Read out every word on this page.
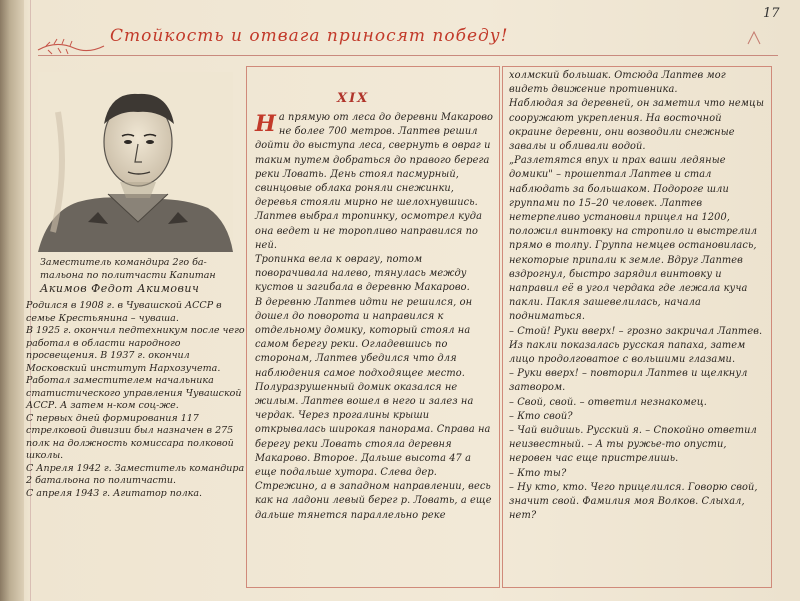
17
Стойкость и отвага приносят победу!
Заместитель командира 2го ба-
тальона по политчасти Капитан
Акимов Федот Акимович

Родился в 1908 г. в Чувашской АССР в семье Крестьянина – чуваша.

В 1925 г. окончил педтехникум после чего работал в области народного просвещения. В 1937 г. окончил Московский институт Нархозучета. Работал заместителем начальника статистического управления Чувашской АССР. А затем н-ком соц-же.

С первых дней формирования 117 стрелковой дивизии был назначен в 275 полк на должность комиссара полковой школы.

С Апреля 1942 г. Заместитель командира 2 батальона по политчасти.

С апреля 1943 г. Агитатор полка.

XIX

На прямую от леса до деревни Макарово не более 700 метров. Лаптев решил дойти до выступа леса, свернуть в овраг и таким путем добраться до правого берега реки Ловать. День стоял пасмурный, свинцовые облака роняли снежинки, деревья стояли мирно не шелохнувшись. Лаптев выбрал тропинку, осмотрел куда она ведет и не торопливо направился по ней.

Тропинка вела к оврагу, потом поворачивала налево, тянулась между кустов и загибала в деревню Макарово.

В деревню Лаптев идти не решился, он дошел до поворота и направился к отдельному домику, который стоял на самом берегу реки. Огладевшись по сторонам, Лаптев убедился что для наблюдения самое подходящее место. Полуразрушенный домик оказался не жилым. Лаптев вошел в него и залез на чердак. Через прогалины крыши открывалась широкая панорама. Справа на берегу реки Ловать стояла деревня Макарово. Второе. Дальше высота 47 а еще подальше хутора. Слева дер. Стрежино, а в западном направлении, весь как на ладони левый берег р. Ловать, а еще дальше тянется параллельно реке

холмский большак. Отсюда Лаптев мог видеть движение противника.

Наблюдая за деревней, он заметил что немцы сооружают укрепления. На восточной окраине деревни, они возводили снежные завалы и обливали водой.

„Разлетятся впух и прах ваши ледяные домики" – прошептал Лаптев и стал наблюдать за большаком. Подорогe шли группами по 15–20 человек. Лаптев нетерпеливо установил прицел на 1200, положил винтовку на стропило и выстрелил прямо в толпу. Группа немцев остановилась, некоторые припали к земле. Вдруг Лаптев вздрогнул, быстро зарядил винтовку и направил её в угол чердака где лежала куча пакли. Пакля зашевелилась, начала подниматься.

– Стой! Руки вверх! – грозно закричал Лаптев. Из пакли показалась русская папаха, затем лицо продолговатое с вольшими глазами.

– Руки вверх! – повторил Лаптев и щелкнул затвором.

– Свой, свой. – ответил незнакомец.

– Кто свой?

– Чай видишь. Русский я. – Спокойно ответил неизвестный. – А ты ружье-то опусти, неровен час еще пристрелишь.

– Кто ты?

– Ну кто, кто. Чего прицелился. Говорю свой, значит свой. Фамилия моя Волков. Слыхал, нет?
